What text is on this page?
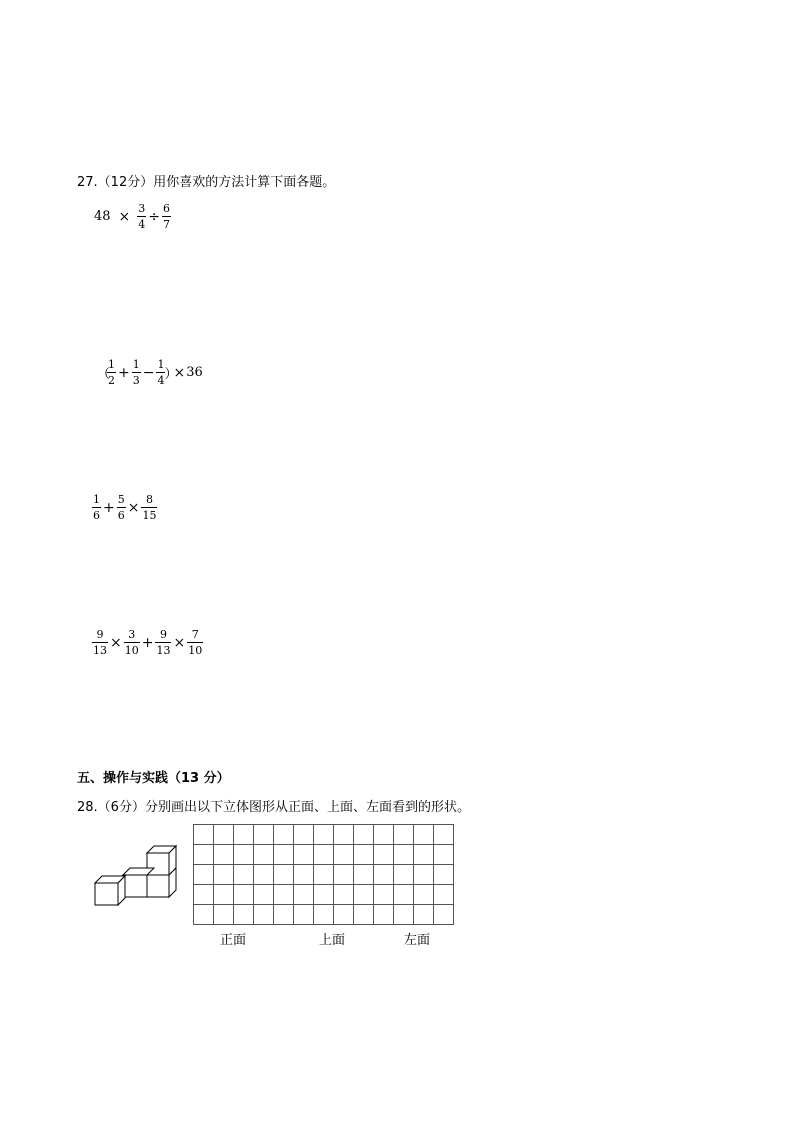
27.（12分）用你喜欢的方法计算下面各题。
$48 \times \frac{3}{4} \div \frac{6}{7}$
（
$\frac{1}{2} + \frac{1}{3} - \frac{1}{4}$ ）
× 36
$\frac{1}{6} + \frac{5}{6} \times \frac{8}{15}$
$\frac{9}{13} \times \frac{3}{10} + \frac{9}{13} \times \frac{7}{10}$
五、操作与实践（13 分）
28.（6分）分别画出以下立体图形从正面、上面、左面看到的形状。
正面	上面	左面
